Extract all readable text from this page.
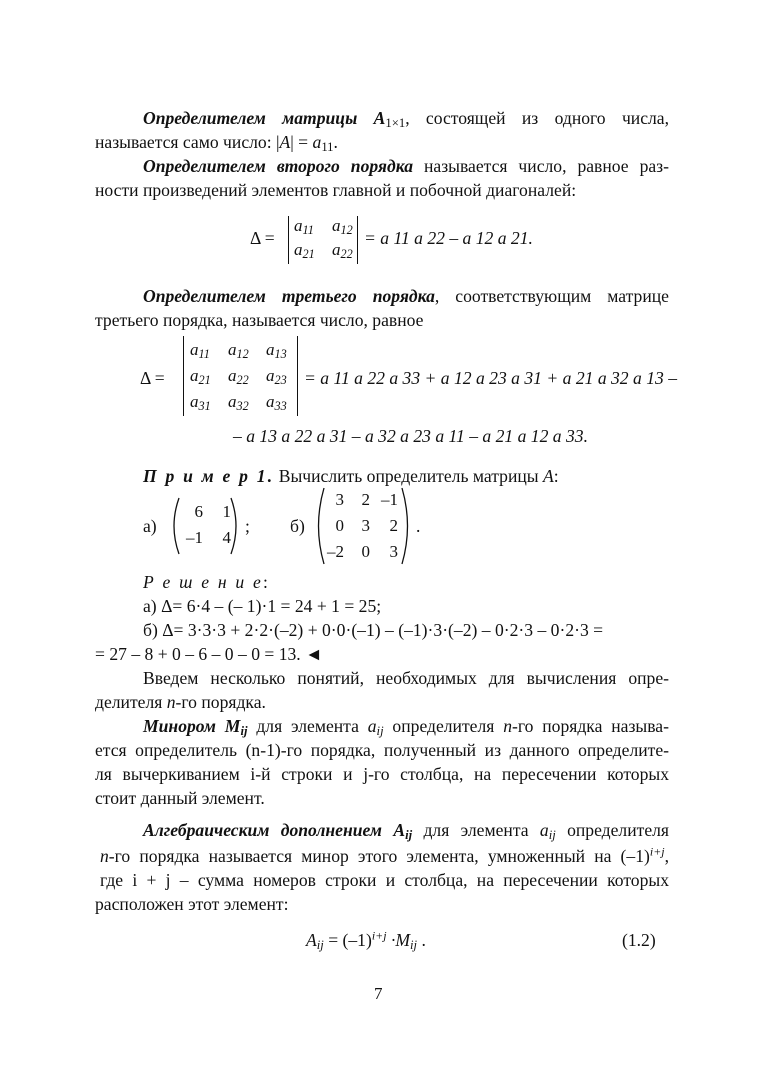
Определителем матрицы $A_{1\times 1}$, состоящей из одного числа,
называется само число: $|A| = a_{11}$.
Определителем второго порядка называется число, равное раз-
ности произведений элементов главной и побочной диагоналей:
Δ =
$a_{11}$ $a_{12}$
$a_{21}$ $a_{22}$
= a 11 a 22 – a 12 a 21.
Определителем третьего порядка, соответствующим матрице
третьего порядка, называется число, равное
Δ =
$a_{11}$ $a_{12}$ $a_{13}$
$a_{21}$ $a_{22}$ $a_{23}$
$a_{31}$ $a_{32}$ $a_{33}$
= a 11 a 22 a 33 + a 12 a 23 a 31 + a 21 a 32 a 13 –
– a 13 a 22 a 31 – a 32 a 23 a 11 – a 21 a 12 a 33.
П р и м е р 1. Вычислить определитель матрицы A:
а)
6	1
–1	4
; б)
3	2 –1
0	3	2
–2	0	3
.
Р е ш е н и е:
а) Δ= 6·4 – (– 1)·1 = 24 + 1 = 25;
б) Δ= 3·3·3 + 2·2·(–2) + 0·0·(–1) – (–1)·3·(–2) – 0·2·3 – 0·2·3 =
= 27 – 8 + 0 – 6 – 0 – 0 = 13. ◄
Введем несколько понятий, необходимых для вычисления опре-
делителя n-го порядка.
Минором $M_{ij}$ для элемента $a_{ij}$ определителя n-го порядка называ-
ется определитель (n-1)-го порядка, полученный из данного определите-
ля вычеркиванием i-й строки и j-го столбца, на пересечении которых
стоит данный элемент.
Алгебраическим дополнением $A_{ij}$ для элемента $a_{ij}$ определителя
n-го порядка называется минор этого элемента, умноженный на $(-1)^{i+j}$,
где i + j – сумма номеров строки и столбца, на пересечении которых
расположен этот элемент:
$A_{ij} = (-1)^{i+j} \cdot M_{ij}$ .	(1.2)
7
